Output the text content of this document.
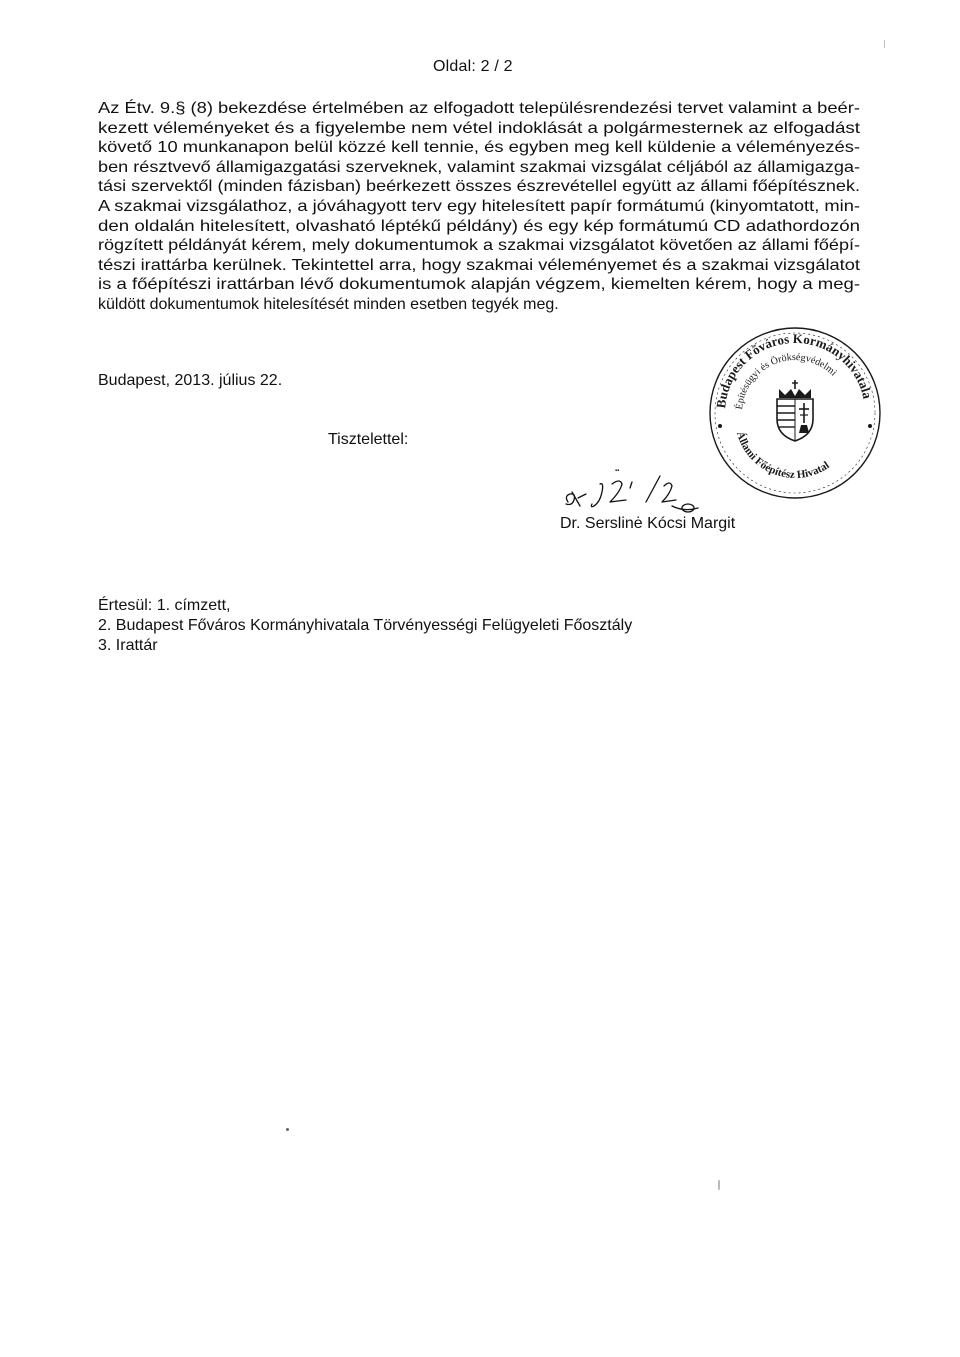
Oldal: 2 / 2
Az Étv. 9.§ (8) bekezdése értelmében az elfogadott településrendezési tervet valamint a beér-
kezett véleményeket és a figyelembe nem vétel indoklását a polgármesternek az elfogadást
követő 10 munkanapon belül közzé kell tennie, és egyben meg kell küldenie a véleményezés-
ben résztvevő államigazgatási szerveknek, valamint szakmai vizsgálat céljából az államigazga-
tási szervektől (minden fázisban) beérkezett összes észrevétellel együtt az állami főépítésznek.
A szakmai vizsgálathoz, a jóváhagyott terv egy hitelesített papír formátumú (kinyomtatott, min-
den oldalán hitelesített, olvasható léptékű példány) és egy kép formátumú CD adathordozón
rögzített példányát kérem, mely dokumentumok a szakmai vizsgálatot követően az állami főépí-
tészi irattárba kerülnek. Tekintettel arra, hogy szakmai véleményemet és a szakmai vizsgálatot
is a főépítészi irattárban lévő dokumentumok alapján végzem, kiemelten kérem, hogy a meg-
küldött dokumentumok hitelesítését minden esetben tegyék meg.
Budapest, 2013. július 22.
Tisztelettel:
Budapest Főváros Kormányhivatala
Építésügyi és Örökségvédelmi
Állami Főépítész Hivatal
▪▪
Dr. Serslinė Kócsi Margit
Értesül: 1. címzett,
2. Budapest Főváros Kormányhivatala Törvényességi Felügyeleti Főosztály
3. Irattár
